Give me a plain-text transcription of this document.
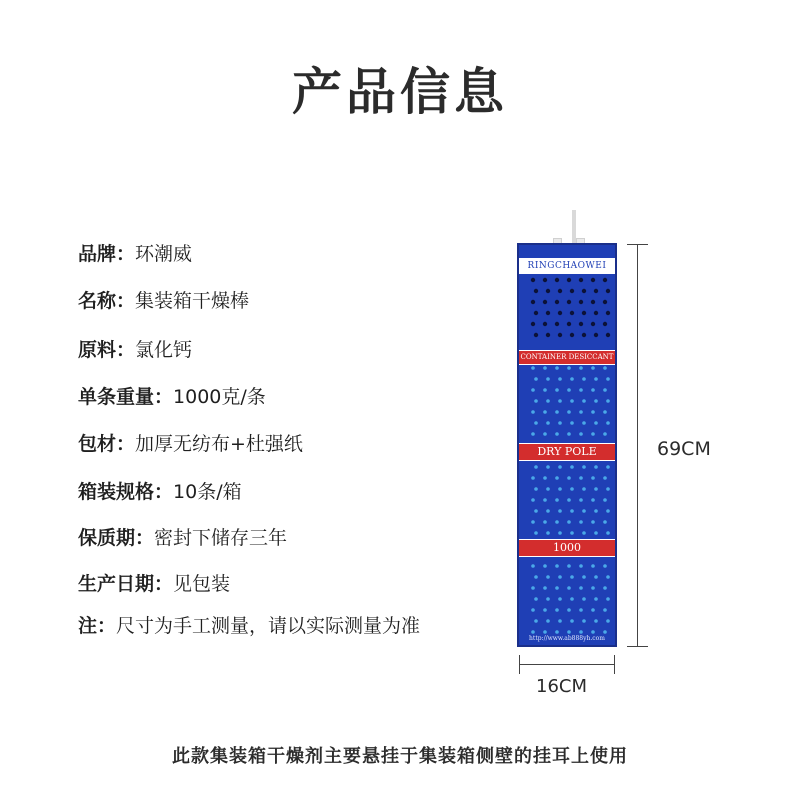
产品信息
品牌：环潮威
名称：集装箱干燥棒
原料：氯化钙
单条重量：1000克/条
包材：加厚无纺布+杜强纸
箱装规格：10条/箱
保质期：密封下储存三年
生产日期：见包装
注：尺寸为手工测量，请以实际测量为准
RINGCHAOWEI
CONTAINER DESICCANT
DRY POLE
1000
http://www.ab888yh.com
69CM
16CM
此款集装箱干燥剂主要悬挂于集装箱侧壁的挂耳上使用
